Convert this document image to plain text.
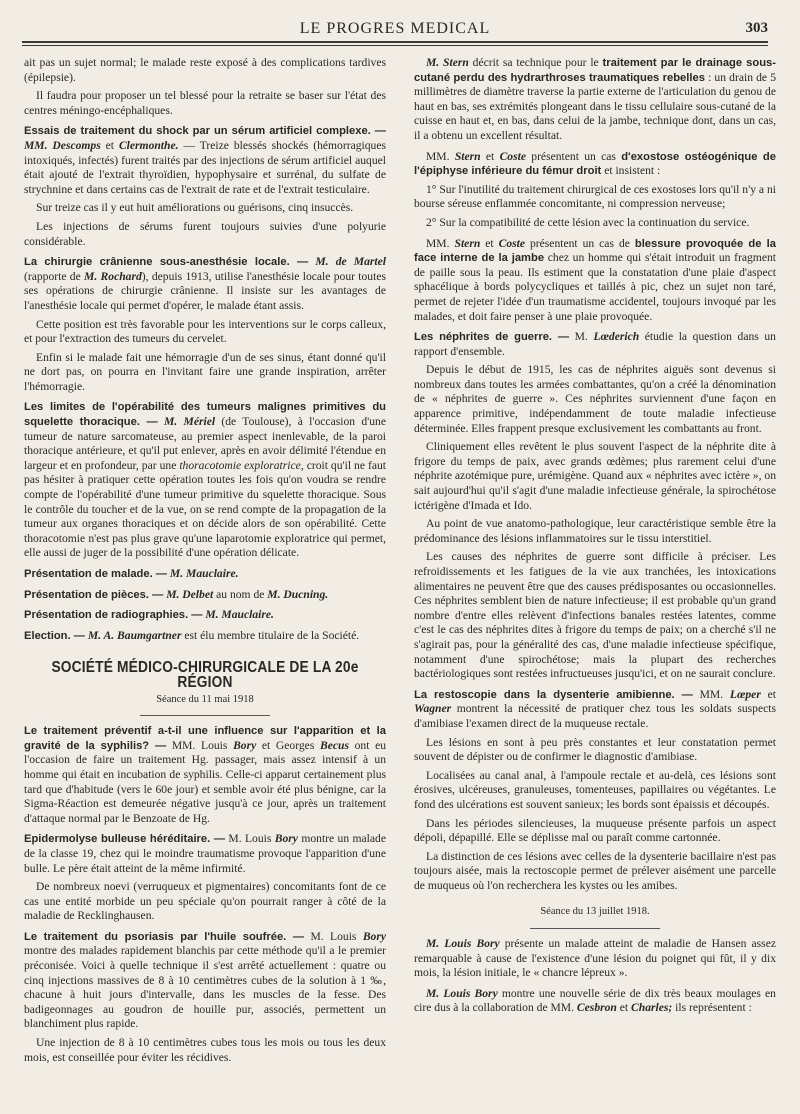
LE PROGRES MEDICAL	303

ait pas un sujet normal; le malade reste exposé à des complications tardives (épilepsie).

Il faudra pour proposer un tel blessé pour la retraite se baser sur l'état des centres méningo-encéphaliques.

Essais de traitement du shock par un sérum artificiel complexe. — MM. Descomps et Clermonthe. — Treize blessés shockés (hémorragiques intoxiqués, infectés) furent traités par des injections de sérum artificiel auquel était ajouté de l'extrait thyroïdien, hypophysaire et surrénal, du sulfate de strychnine et dans certains cas de l'extrait de rate et de l'extrait testiculaire.

Sur treize cas il y eut huit améliorations ou guérisons, cinq insuccès.

Les injections de sérums furent toujours suivies d'une polyurie considérable.

La chirurgie crânienne sous-anesthésie locale. — M. de Martel (rapporte de M. Rochard), depuis 1913, utilise l'anesthésie locale pour toutes ses opérations de chirurgie crânienne. Il insiste sur les avantages de l'anesthésie locale qui permet d'opérer, le malade étant assis.

Cette position est très favorable pour les interventions sur le corps calleux, et pour l'extraction des tumeurs du cervelet.

Enfin si le malade fait une hémorragie d'un de ses sinus, étant donné qu'il ne dort pas, on pourra en l'invitant faire une grande inspiration, arrêter l'hémorragie.

Les limites de l'opérabilité des tumeurs malignes primitives du squelette thoracique. — M. Mériel (de Toulouse), à l'occasion d'une tumeur de nature sarcomateuse, au premier aspect inenlevable, de la paroi thoracique antérieure, et qu'il put enlever, après en avoir délimité l'étendue en largeur et en profondeur, par une thoracotomie exploratrice, croit qu'il ne faut pas hésiter à pratiquer cette opération toutes les fois qu'on voudra se rendre compte de l'opérabilité d'une tumeur primitive du squelette thoracique. Sous le contrôle du toucher et de la vue, on se rend compte de la propagation de la tumeur aux organes thoraciques et on décide alors de son opérabilité. Cette thoracotomie n'est pas plus grave qu'une laparotomie exploratrice qui permet, elle aussi de juger de la possibilité d'une opération délicate.

Présentation de malade. — M. Mauclaire.

Présentation de pièces. — M. Delbet au nom de M. Ducning.

Présentation de radiographies. — M. Mauclaire.

Election. — M. A. Baumgartner est élu membre titulaire de la Société.

SOCIÉTÉ MÉDICO-CHIRURGICALE DE LA 20e RÉGION
Séance du 11 mai 1918

Le traitement préventif a-t-il une influence sur l'apparition et la gravité de la syphilis? — MM. Louis Bory et Georges Becus ont eu l'occasion de faire un traitement Hg. passager, mais assez intensif à un homme qui était en incubation de syphilis. Celle-ci apparut certainement plus tard que d'habitude (vers le 60e jour) et semble avoir été plus bénigne, car la Sigma-Réaction est demeurée négative jusqu'à ce jour, après un traitement d'attaque normal par le Benzoate de Hg.

Epidermolyse bulleuse héréditaire. — M. Louis Bory montre un malade de la classe 19, chez qui le moindre traumatisme provoque l'apparition d'une bulle. Le père était atteint de la même infirmité.

De nombreux noevi (verruqueux et pigmentaires) concomitants font de ce cas une entité morbide un peu spéciale qu'on pourrait ranger à côté de la maladie de Recklinghausen.

Le traitement du psoriasis par l'huile soufrée. — M. Louis Bory montre des malades rapidement blanchis par cette méthode qu'il a le premier préconisée. Voici à quelle technique il s'est arrêté actuellement : quatre ou cinq injections massives de 8 à 10 centimètres cubes de la solution à 1 ‰, chacune à huit jours d'intervalle, dans les muscles de la fesse. Des badigeonnages au goudron de houille pur, associés, permettent un blanchiment plus rapide.

Une injection de 8 à 10 centimètres cubes tous les mois ou tous les deux mois, est conseillée pour éviter les récidives.

M. Stern décrit sa technique pour le traitement par le drainage sous-cutané perdu des hydrarthroses traumatiques rebelles : un drain de 5 millimètres de diamètre traverse la partie externe de l'articulation du genou de haut en bas, ses extrémités plongeant dans le tissu cellulaire sous-cutané de la cuisse en haut et, en bas, dans celui de la jambe, technique dont, dans un cas, il a obtenu un excellent résultat.

MM. Stern et Coste présentent un cas d'exostose ostéogénique de l'épiphyse inférieure du fémur droit et insistent :

1° Sur l'inutilité du traitement chirurgical de ces exostoses lors qu'il n'y a ni bourse séreuse enflammée concomitante, ni compression nerveuse;

2° Sur la compatibilité de cette lésion avec la continuation du service.

MM. Stern et Coste présentent un cas de blessure provoquée de la face interne de la jambe chez un homme qui s'était introduit un fragment de paille sous la peau. Ils estiment que la constatation d'une plaie d'aspect sphacélique à bords polycycliques et taillés à pic, chez un sujet non taré, permet de rejeter l'idée d'un traumatisme accidentel, toujours invoqué par les malades, et doit faire penser à une plaie provoquée.

Les néphrites de guerre. — M. Lœderich étudie la question dans un rapport d'ensemble.

Depuis le début de 1915, les cas de néphrites aiguës sont devenus si nombreux dans toutes les armées combattantes, qu'on a créé la dénomination de « néphrites de guerre ». Ces néphrites surviennent d'une façon en apparence primitive, indépendamment de toute maladie infectieuse déterminée. Elles frappent presque exclusivement les combattants au front.

Cliniquement elles revêtent le plus souvent l'aspect de la néphrite dite à frigore du temps de paix, avec grands œdèmes; plus rarement celui d'une néphrite azotémique pure, urémigène. Quand aux « néphrites avec ictère », on sait aujourd'hui qu'il s'agit d'une maladie infectieuse générale, la spirochétose ictérigène d'Imada et Ido.

Au point de vue anatomo-pathologique, leur caractéristique semble être la prédominance des lésions inflammatoires sur le tissu interstitiel.

Les causes des néphrites de guerre sont difficile à préciser. Les refroidissements et les fatigues de la vie aux tranchées, les intoxications alimentaires ne peuvent être que des causes prédisposantes ou occasionnelles. Ces néphrites semblent bien de nature infectieuse; il est probable qu'un grand nombre d'entre elles relèvent d'infections banales restées latentes, comme c'est le cas des néphrites dites à frigore du temps de paix; on a cherché s'il ne s'agirait pas, pour la généralité des cas, d'une maladie infectieuse spécifique, notamment d'une spirochétose; mais la plupart des recherches bactériologiques sont restées infructueuses jusqu'ici, et on ne saurait conclure.

La restoscopie dans la dysenterie amibienne. — MM. Lœper et Wagner montrent la nécessité de pratiquer chez tous les soldats suspects d'amibiase l'examen direct de la muqueuse rectale.

Les lésions en sont à peu près constantes et leur constatation permet souvent de dépister ou de confirmer le diagnostic d'amibiase.

Localisées au canal anal, à l'ampoule rectale et au-delà, ces lésions sont érosives, ulcéreuses, granuleuses, tomenteuses, papillaires ou végétantes. Le fond des ulcérations est souvent sanieux; les bords sont épaissis et découpés.

Dans les périodes silencieuses, la muqueuse présente parfois un aspect dépoli, dépapillé. Elle se déplisse mal ou paraît comme cartonnée.

La distinction de ces lésions avec celles de la dysenterie bacillaire n'est pas toujours aisée, mais la rectoscopie permet de prélever aisément une parcelle de muqueus où l'on recherchera les kystes ou les amibes.

Séance du 13 juillet 1918.

M. Louis Bory présente un malade atteint de maladie de Hansen assez remarquable à cause de l'existence d'une lésion du poignet qui fût, il y dix mois, la lésion initiale, le « chancre lépreux ».

M. Louis Bory montre une nouvelle série de dix très beaux moulages en cire dus à la collaboration de MM. Cesbron et Charles; ils représentent :
